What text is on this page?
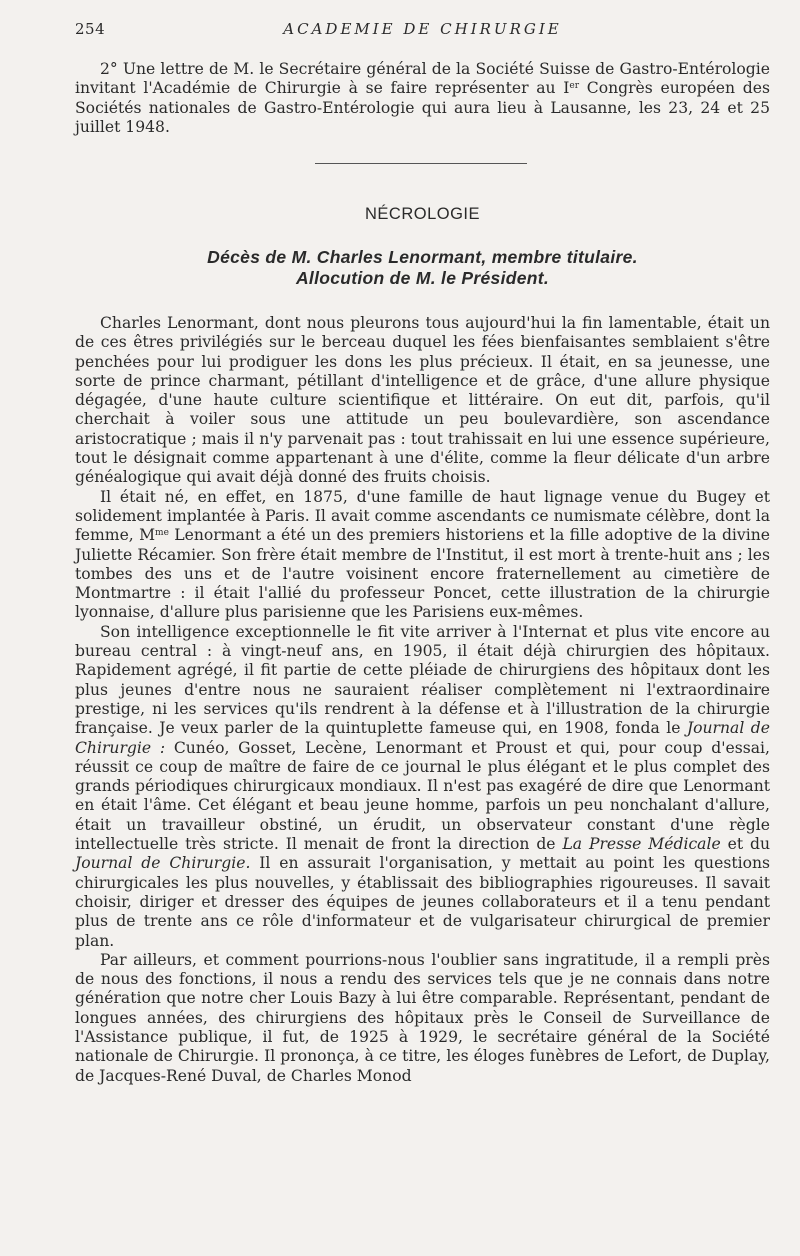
254	ACADEMIE DE CHIRURGIE

2° Une lettre de M. le Secrétaire général de la Société Suisse de Gastro-Entérologie invitant l'Académie de Chirurgie à se faire représenter au Ier Congrès européen des Sociétés nationales de Gastro-Entérologie qui aura lieu à Lausanne, les 23, 24 et 25 juillet 1948.

NÉCROLOGIE
Décès de M. Charles Lenormant, membre titulaire.
Allocution de M. le Président.

Charles Lenormant, dont nous pleurons tous aujourd'hui la fin lamentable, était un de ces êtres privilégiés sur le berceau duquel les fées bienfaisantes semblaient s'être penchées pour lui prodiguer les dons les plus précieux. Il était, en sa jeunesse, une sorte de prince charmant, pétillant d'intelligence et de grâce, d'une allure physique dégagée, d'une haute culture scientifique et littéraire. On eut dit, parfois, qu'il cherchait à voiler sous une attitude un peu boulevardière, son ascendance aristocratique ; mais il n'y parvenait pas : tout trahissait en lui une essence supérieure, tout le désignait comme appartenant à une d'élite, comme la fleur délicate d'un arbre généalogique qui avait déjà donné des fruits choisis.

Il était né, en effet, en 1875, d'une famille de haut lignage venue du Bugey et solidement implantée à Paris. Il avait comme ascendants ce numismate célèbre, dont la femme, $M^{me}$ Lenormant a été un des premiers historiens et la fille adoptive de la divine Juliette Récamier. Son frère était membre de l'Institut, il est mort à trente-huit ans ; les tombes des uns et de l'autre voisinent encore fraternellement au cimetière de Montmartre : il était l'allié du professeur Poncet, cette illustration de la chirurgie lyonnaise, d'allure plus parisienne que les Parisiens eux-mêmes.

Son intelligence exceptionnelle le fit vite arriver à l'Internat et plus vite encore au bureau central : à vingt-neuf ans, en 1905, il était déjà chirurgien des hôpitaux. Rapidement agrégé, il fit partie de cette pléiade de chirurgiens des hôpitaux dont les plus jeunes d'entre nous ne sauraient réaliser complètement ni l'extraordinaire prestige, ni les services qu'ils rendrent à la défense et à l'illustration de la chirurgie française. Je veux parler de la quintuplette fameuse qui, en 1908, fonda le Journal de Chirurgie : Cunéo, Gosset, Lecène, Lenormant et Proust et qui, pour coup d'essai, réussit ce coup de maître de faire de ce journal le plus élégant et le plus complet des grands périodiques chirurgicaux mondiaux. Il n'est pas exagéré de dire que Lenormant en était l'âme. Cet élégant et beau jeune homme, parfois un peu nonchalant d'allure, était un travailleur obstiné, un érudit, un observateur constant d'une règle intellectuelle très stricte. Il menait de front la direction de La Presse Médicale et du Journal de Chirurgie. Il en assurait l'organisation, y mettait au point les questions chirurgicales les plus nouvelles, y établissait des bibliographies rigoureuses. Il savait choisir, diriger et dresser des équipes de jeunes collaborateurs et il a tenu pendant plus de trente ans ce rôle d'informateur et de vulgarisateur chirurgical de premier plan.

Par ailleurs, et comment pourrions-nous l'oublier sans ingratitude, il a rempli près de nous des fonctions, il nous a rendu des services tels que je ne connais dans notre génération que notre cher Louis Bazy à lui être comparable. Représentant, pendant de longues années, des chirurgiens des hôpitaux près le Conseil de Surveillance de l'Assistance publique, il fut, de 1925 à 1929, le secrétaire général de la Société nationale de Chirurgie. Il prononça, à ce titre, les éloges funèbres de Lefort, de Duplay, de Jacques-René Duval, de Charles Monod
